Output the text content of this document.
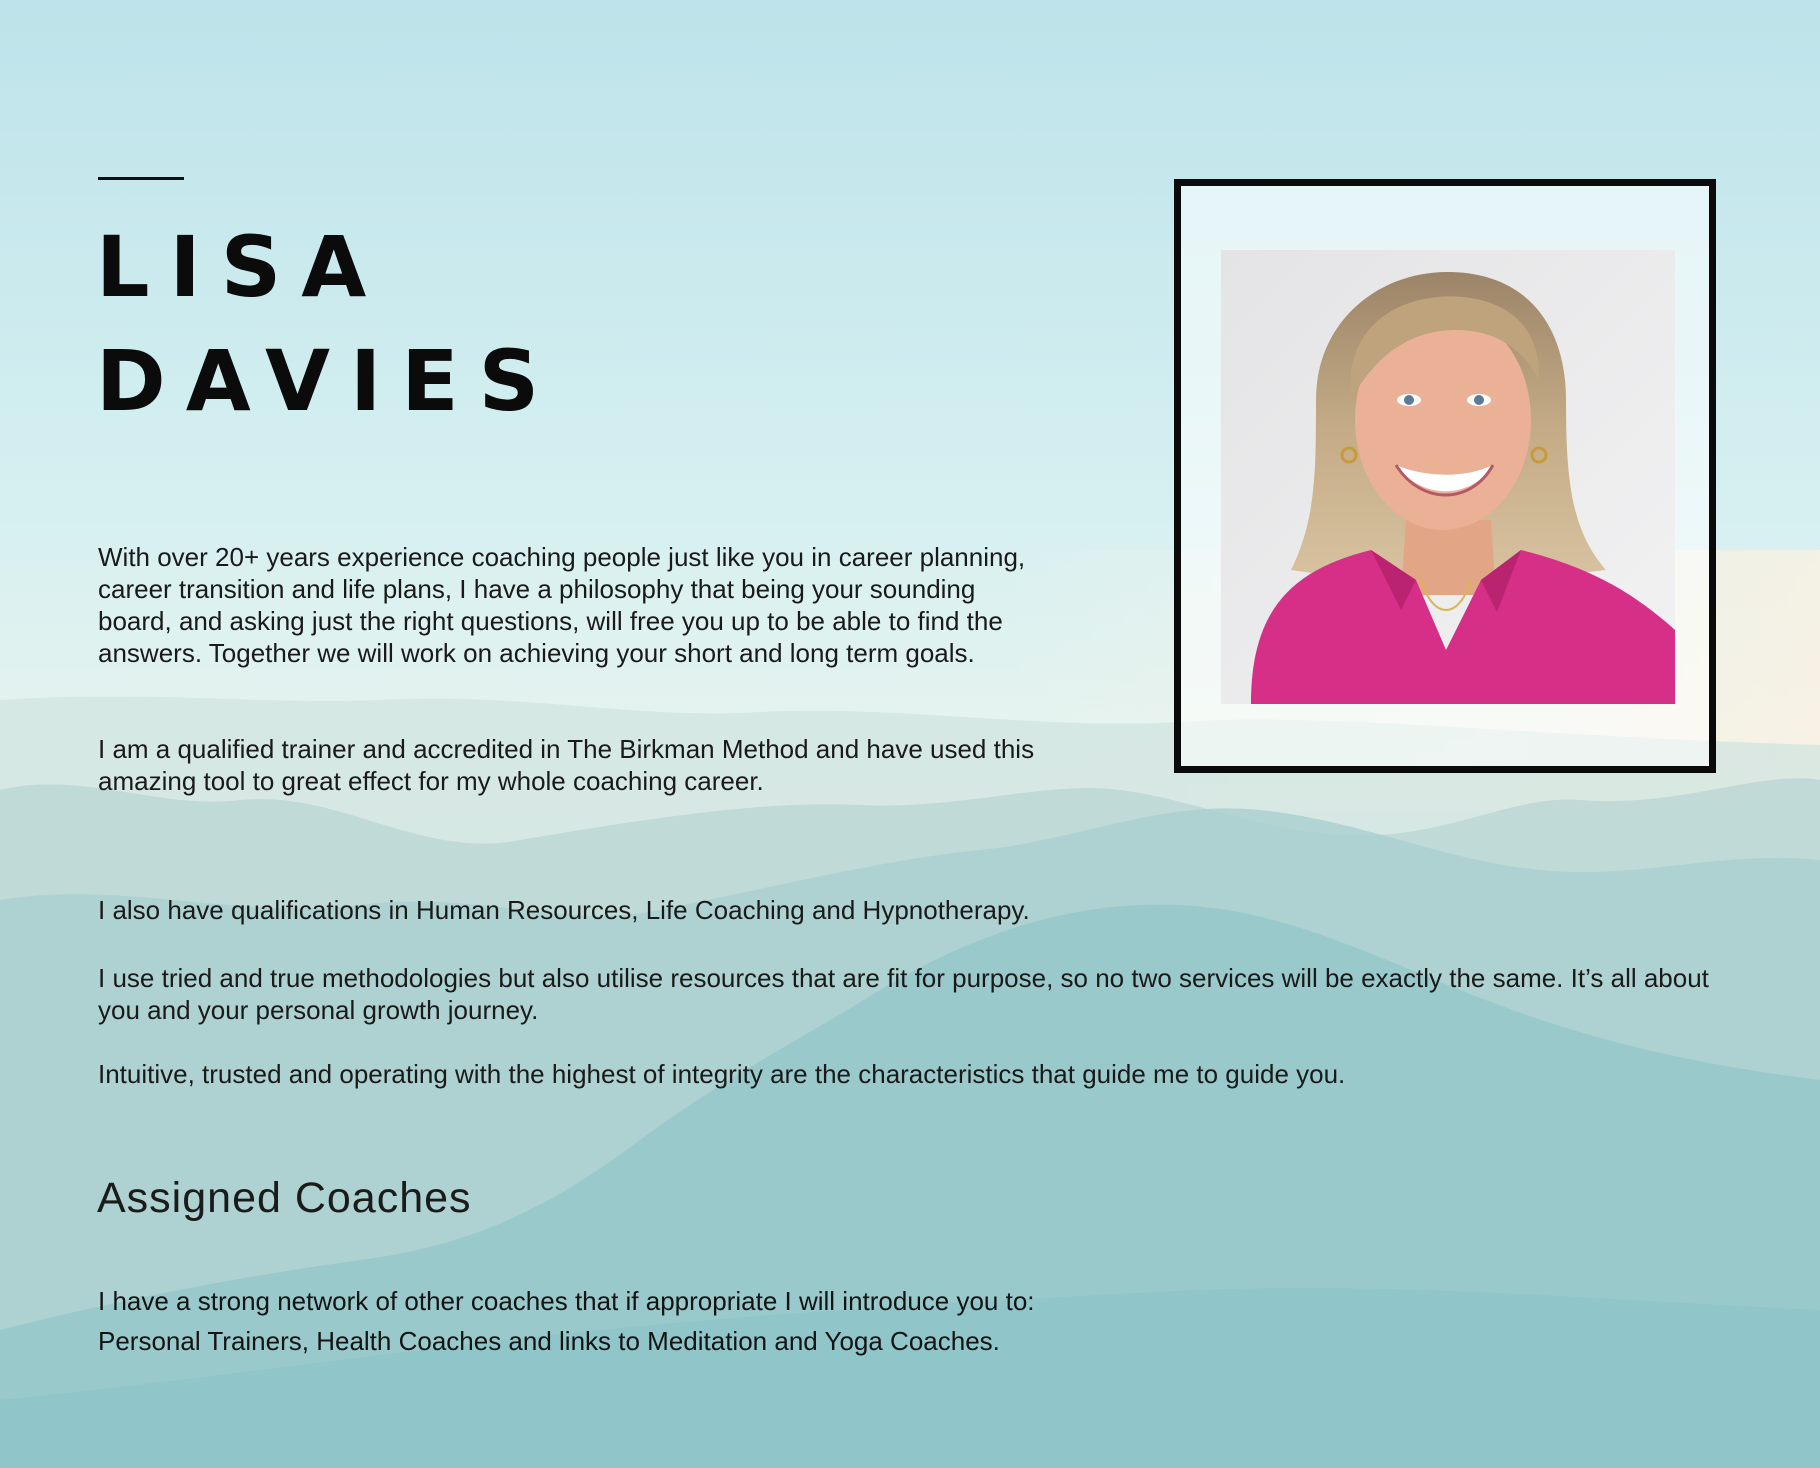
LISA
DAVIES

With over 20+ years experience coaching people just like you in career planning, career transition and life plans, I have a philosophy that being your sounding board, and asking just the right questions, will free you up to be able to find the answers. Together we will work on achieving your short and long term goals.

I am a qualified trainer and accredited in The Birkman Method and have used this amazing tool to great effect for my whole coaching career.

I also have qualifications in Human Resources, Life Coaching and Hypnotherapy.

I use tried and true methodologies but also utilise resources that are fit for purpose, so no two services will be exactly the same. It’s all about you and your personal growth journey.

Intuitive, trusted and operating with the highest of integrity are the characteristics that guide me to guide you.

Assigned Coaches

I have a strong network of other coaches that if appropriate I will introduce you to:
Personal Trainers, Health Coaches and links to Meditation and Yoga Coaches.
